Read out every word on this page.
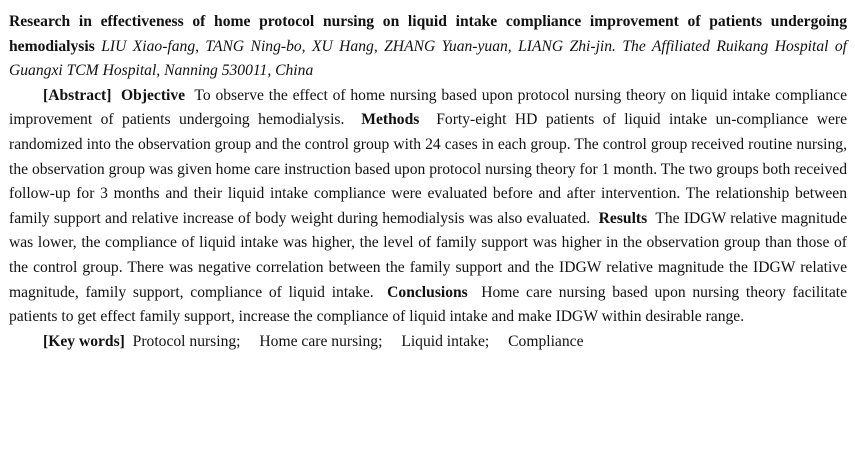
Research in effectiveness of home protocol nursing on liquid intake compliance improvement of patients undergoing hemodialysis LIU Xiao-fang, TANG Ning-bo, XU Hang, ZHANG Yuan-yuan, LIANG Zhi-jin. The Affiliated Ruikang Hospital of Guangxi TCM Hospital, Nanning 530011, China

[Abstract] Objective To observe the effect of home nursing based upon protocol nursing theory on liquid intake compliance improvement of patients undergoing hemodialysis. Methods Forty-eight HD patients of liquid intake un-compliance were randomized into the observation group and the control group with 24 cases in each group. The control group received routine nursing, the observation group was given home care instruction based upon protocol nursing theory for 1 month. The two groups both received follow-up for 3 months and their liquid intake compliance were evaluated before and after intervention. The relationship between family support and relative increase of body weight during hemodialysis was also evaluated. Results The IDGW relative magnitude was lower, the compliance of liquid intake was higher, the level of family support was higher in the observation group than those of the control group. There was negative correlation between the family support and the IDGW relative magnitude the IDGW relative magnitude, family support, compliance of liquid intake. Conclusions Home care nursing based upon nursing theory facilitate patients to get effect family support, increase the compliance of liquid intake and make IDGW within desirable range.

[Key words] Protocol nursing; Home care nursing; Liquid intake; Compliance
